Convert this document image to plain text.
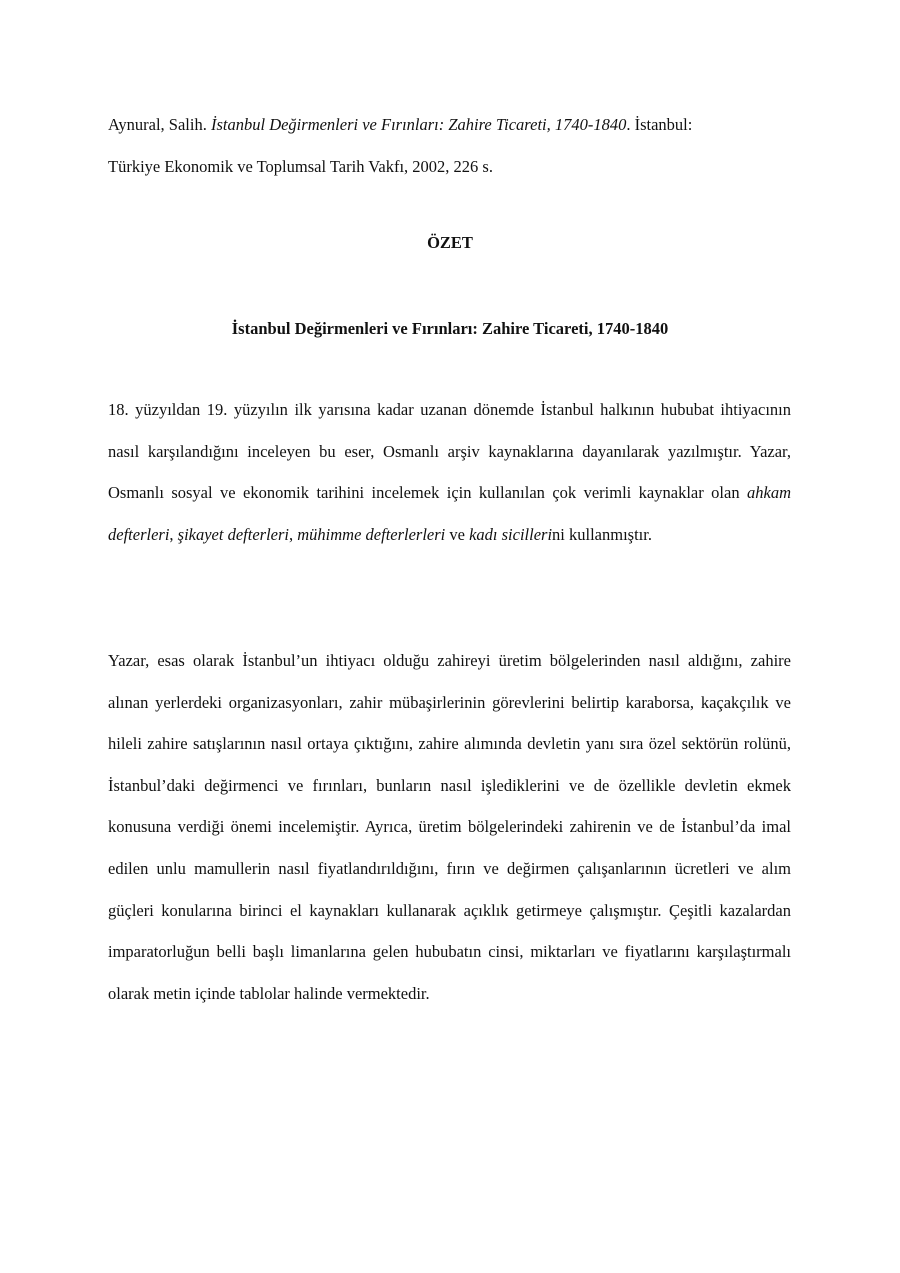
Aynural, Salih. İstanbul Değirmenleri ve Fırınları: Zahire Ticareti, 1740-1840. İstanbul:
Türkiye Ekonomik ve Toplumsal Tarih Vakfı, 2002, 226 s.
ÖZET
İstanbul Değirmenleri ve Fırınları: Zahire Ticareti, 1740-1840

18. yüzyıldan 19. yüzyılın ilk yarısına kadar uzanan dönemde İstanbul halkının hububat ihtiyacının nasıl karşılandığını inceleyen bu eser, Osmanlı arşiv kaynaklarına dayanılarak yazılmıştır. Yazar, Osmanlı sosyal ve ekonomik tarihini incelemek için kullanılan çok verimli kaynaklar olan ahkam defterleri, şikayet defterleri, mühimme defterlerleri ve kadı sicillerini kullanmıştır.

Yazar, esas olarak İstanbul’un ihtiyacı olduğu zahireyi üretim bölgelerinden nasıl aldığını, zahire alınan yerlerdeki organizasyonları, zahir mübaşirlerinin görevlerini belirtip karaborsa, kaçakçılık ve hileli zahire satışlarının nasıl ortaya çıktığını, zahire alımında devletin yanı sıra özel sektörün rolünü, İstanbul’daki değirmenci ve fırınları, bunların nasıl işlediklerini ve de özellikle devletin ekmek konusuna verdiği önemi incelemiştir. Ayrıca, üretim bölgelerindeki zahirenin ve de İstanbul’da imal edilen unlu mamullerin nasıl fiyatlandırıldığını, fırın ve değirmen çalışanlarının ücretleri ve alım güçleri konularına birinci el kaynakları kullanarak açıklık getirmeye çalışmıştır. Çeşitli kazalardan imparatorluğun belli başlı limanlarına gelen hububatın cinsi, miktarları ve fiyatlarını karşılaştırmalı olarak metin içinde tablolar halinde vermektedir.
